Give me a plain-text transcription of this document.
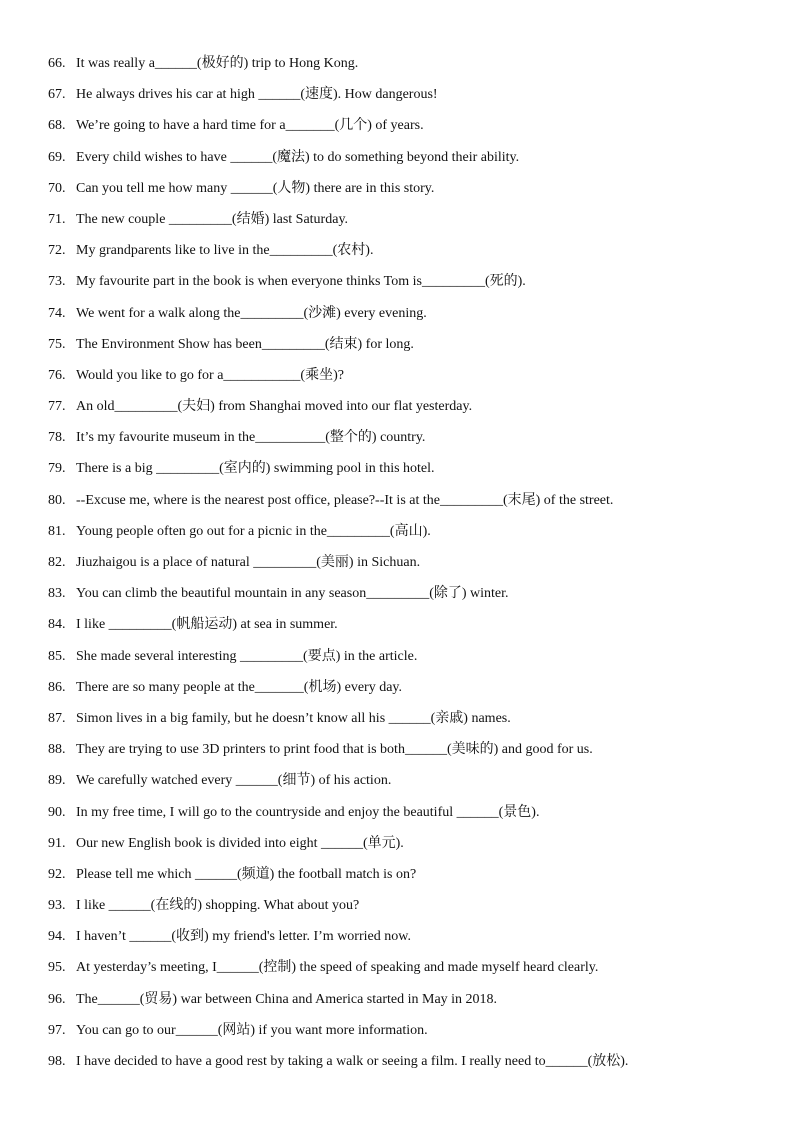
66. It was really a______(极好的) trip to Hong Kong.
67. He always drives his car at high ______(速度). How dangerous!
68. We’re going to have a hard time for a_______(几个) of years.
69. Every child wishes to have ______(魔法) to do something beyond their ability.
70. Can you tell me how many ______(人物) there are in this story.
71. The new couple _________(结婚) last Saturday.
72. My grandparents like to live in the_________(农村).
73. My favourite part in the book is when everyone thinks Tom is_________(死的).
74. We went for a walk along the_________(沙滩) every evening.
75. The Environment Show has been_________(结束) for long.
76. Would you like to go for a___________(乘坐)?
77. An old_________(夫妇) from Shanghai moved into our flat yesterday.
78. It’s my favourite museum in the__________(整个的) country.
79. There is a big _________(室内的) swimming pool in this hotel.
80. --Excuse me, where is the nearest post office, please?--It is at the_________(末尾) of the street.
81. Young people often go out for a picnic in the_________(高山).
82. Jiuzhaigou is a place of natural _________(美丽) in Sichuan.
83. You can climb the beautiful mountain in any season_________(除了) winter.
84. I like _________(帆船运动) at sea in summer.
85. She made several interesting _________(要点) in the article.
86. There are so many people at the_______(机场) every day.
87. Simon lives in a big family, but he doesn’t know all his ______(亲戚) names.
88. They are trying to use 3D printers to print food that is both______(美味的) and good for us.
89. We carefully watched every ______(细节) of his action.
90. In my free time, I will go to the countryside and enjoy the beautiful ______(景色).
91. Our new English book is divided into eight ______(单元).
92. Please tell me which ______(频道) the football match is on?
93. I like ______(在线的) shopping. What about you?
94. I haven’t ______(收到) my friend's letter. I’m worried now.
95. At yesterday’s meeting, I______(控制) the speed of speaking and made myself heard clearly.
96. The______(贸易) war between China and America started in May in 2018.
97. You can go to our______(网站) if you want more information.
98. I have decided to have a good rest by taking a walk or seeing a film. I really need to______(放松).
